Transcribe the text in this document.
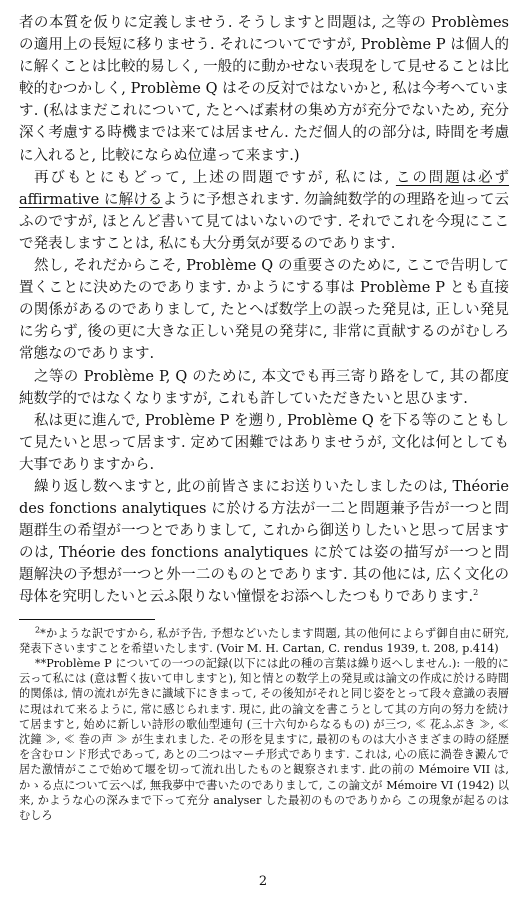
者の本質を仮りに定義しませう. そうしますと問題は, 之等の Problèmes の適用上の長短に移りませう. それについてですが, Problème P は個人的に解くことは比較的易しく, 一般的に動かせない表現をして見せることは比較的むつかしく, Problème Q はその反対ではないかと, 私は今考へています. (私はまだこれについて, たとへば素材の集め方が充分でないため, 充分深く考慮する時機までは来ては居ません. ただ個人的の部分は, 時間を考慮に入れると, 比較にならぬ位違って来ます.)

再びもとにもどって, 上述の問題ですが, 私には, この問題は必ず affirmative に解けるように予想されます. 勿論純数学的の理路を辿って云ふのですが, ほとんど書いて見てはいないのです. それでこれを今現にここで発表しますことは, 私にも大分勇気が要るのであります.

然し, それだからこそ, Problème Q の重要さのために, ここで告明して置くことに決めたのであります. かようにする事は Problème P とも直接の関係があるのでありまして, たとへば数学上の誤った発見は, 正しい発見に劣らず, 後の更に大きな正しい発見の発芽に, 非常に貢献するのがむしろ常態なのであります.

之等の Problème P, Q のために, 本文でも再三寄り路をして, 其の都度純数学的ではなくなりますが, これも許していただきたいと思ひます.

私は更に進んで, Problème P を遡り, Problème Q を下る等のこともして見たいと思って居ます. 定めて困難ではありませうが, 文化は何としても大事でありますから.

繰り返し数へますと, 此の前皆さまにお送りいたしましたのは, Théorie des fonctions analytiques に於ける方法が一二と問題兼予告が一つと問題群生の希望が一つとでありまして, これから御送りしたいと思って居ますのは, Théorie des fonctions analytiques に於ては姿の描写が一つと問題解決の予想が一つと外一二のものとであります. 其の他には, 広く文化の母体を究明したいと云ふ限りない憧憬をお添へしたつもりであります.$^2$

$^2$*かような訳ですから, 私が予告, 予想などいたします問題, 其の他何によらず御自由に研究, 発表下さいますことを希望いたします. (Voir M. H. Cartan, C. rendus 1939, t. 208, p.414)

**Problème P についての一つの記録(以下には此の種の言葉は繰り返へしません.): 一般的に云って私には (意は暫く抜いて申しますと), 知と情との数学上の発見或は論文の作成に於ける時間的関係は, 情の流れが先きに識域下にきまって, その後知がそれと同じ姿をとって段々意識の表層に現はれて来るように, 常に感じられます. 現に, 此の論文を書こうとして其の方向の努力を続けて居ますと, 始めに新しい詩形の歌仙型連句 (三十六句からなるもの) が三つ, ≪ 花ふぶき ≫, ≪ 沈鐘 ≫, ≪ 巻の声 ≫ が生まれました. その形を見ますに, 最初のものは大小さまざまの時の経歴を含むロンド形式であって, あとの二つはマーチ形式であります. これは, 心の底に渦巻き澱んで居た激情がここで始めて堰を切って流れ出したものと観察されます. 此の前の Mémoire VII は, かゝる点について云へば, 無我夢中で書いたのでありまして, この論文が Mémoire VI (1942) 以来, かような心の深みまで下って充分 analyser した最初のものでありから この現象が起るのはむしろ

2
